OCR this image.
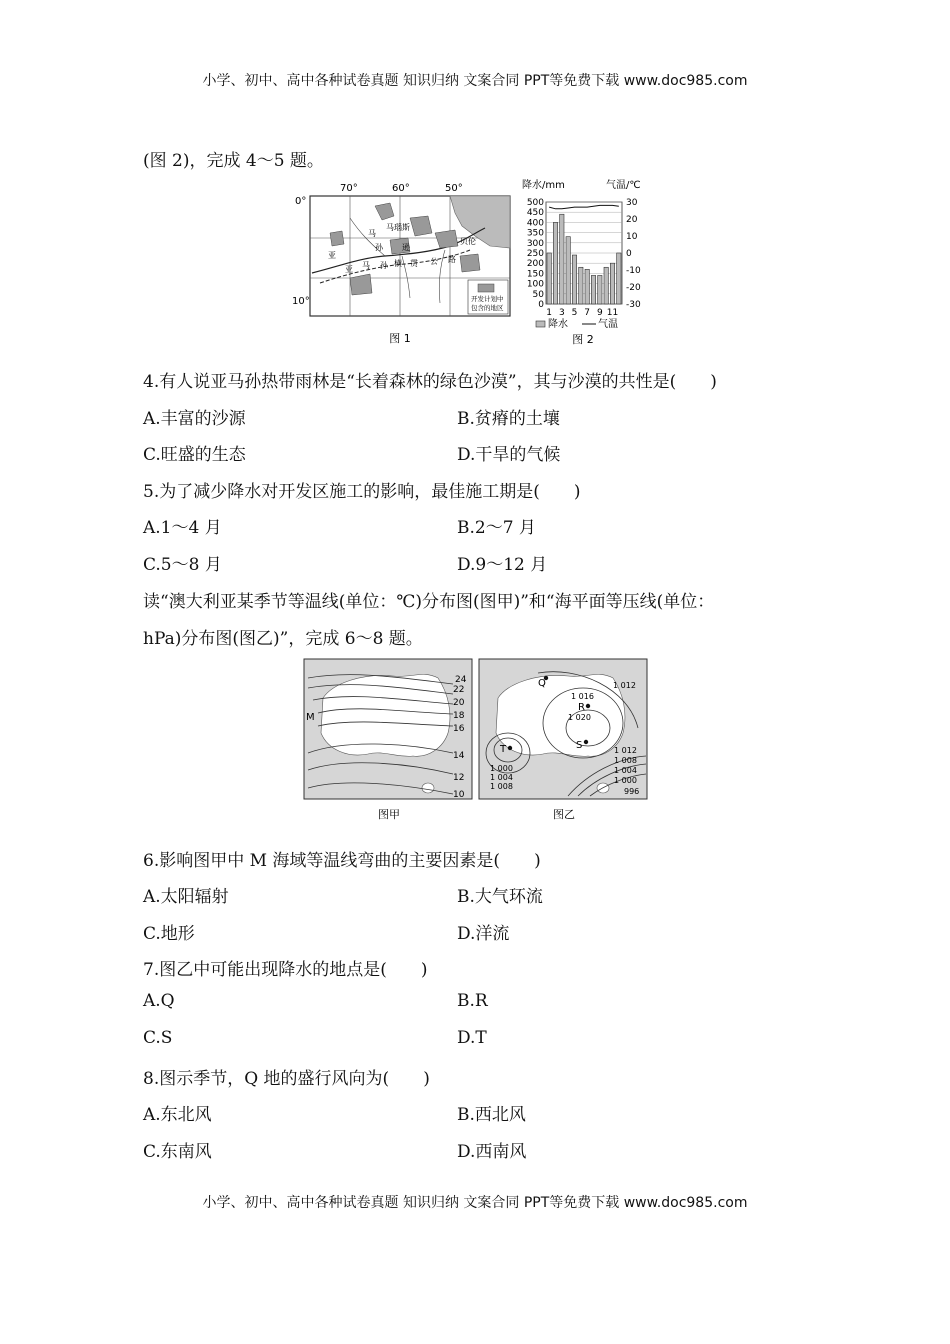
小学、初中、高中各种试卷真题 知识归纳 文案合同 PPT等免费下载 www.doc985.com
(图 2)，完成 4～5 题。
70°	60°	50°
0°
10°
马
孙
亚
马瑙斯
贝伦
逊
亚 马 孙 横 贯 公 路
开发计划中
包含的地区
图 1
降水/mm	气温/℃
500
450
400
350
300
250
200
150
100
50
0
30
20
10
0
-10
-20
-30
1 3 5 7 9 11
降水	气温
图 2
4.有人说亚马孙热带雨林是“长着森林的绿色沙漠”，其与沙漠的共性是(　　)
A.丰富的沙源	B.贫瘠的土壤
C.旺盛的生态	D.干旱的气候
5.为了减少降水对开发区施工的影响，最佳施工期是(　　)
A.1～4 月	B.2～7 月
C.5～8 月	D.9～12 月
读“澳大利亚某季节等温线(单位：℃)分布图(图甲)”和“海平面等压线(单位：
hPa)分布图(图乙)”，完成 6～8 题。
24
22
20
18
16
14
12
10
M
图甲
Q
R
S
T
1 016
1 020
1 012
1 012
1 008
1 004
1 000
996
1 000
1 004
1 008
图乙
6.影响图甲中 M 海域等温线弯曲的主要因素是(　　)
A.太阳辐射	B.大气环流
C.地形	D.洋流
7.图乙中可能出现降水的地点是(　　)
A.Q	B.R
C.S	D.T
8.图示季节，Q 地的盛行风向为(　　)
A.东北风	B.西北风
C.东南风	D.西南风
小学、初中、高中各种试卷真题 知识归纳 文案合同 PPT等免费下载 www.doc985.com
